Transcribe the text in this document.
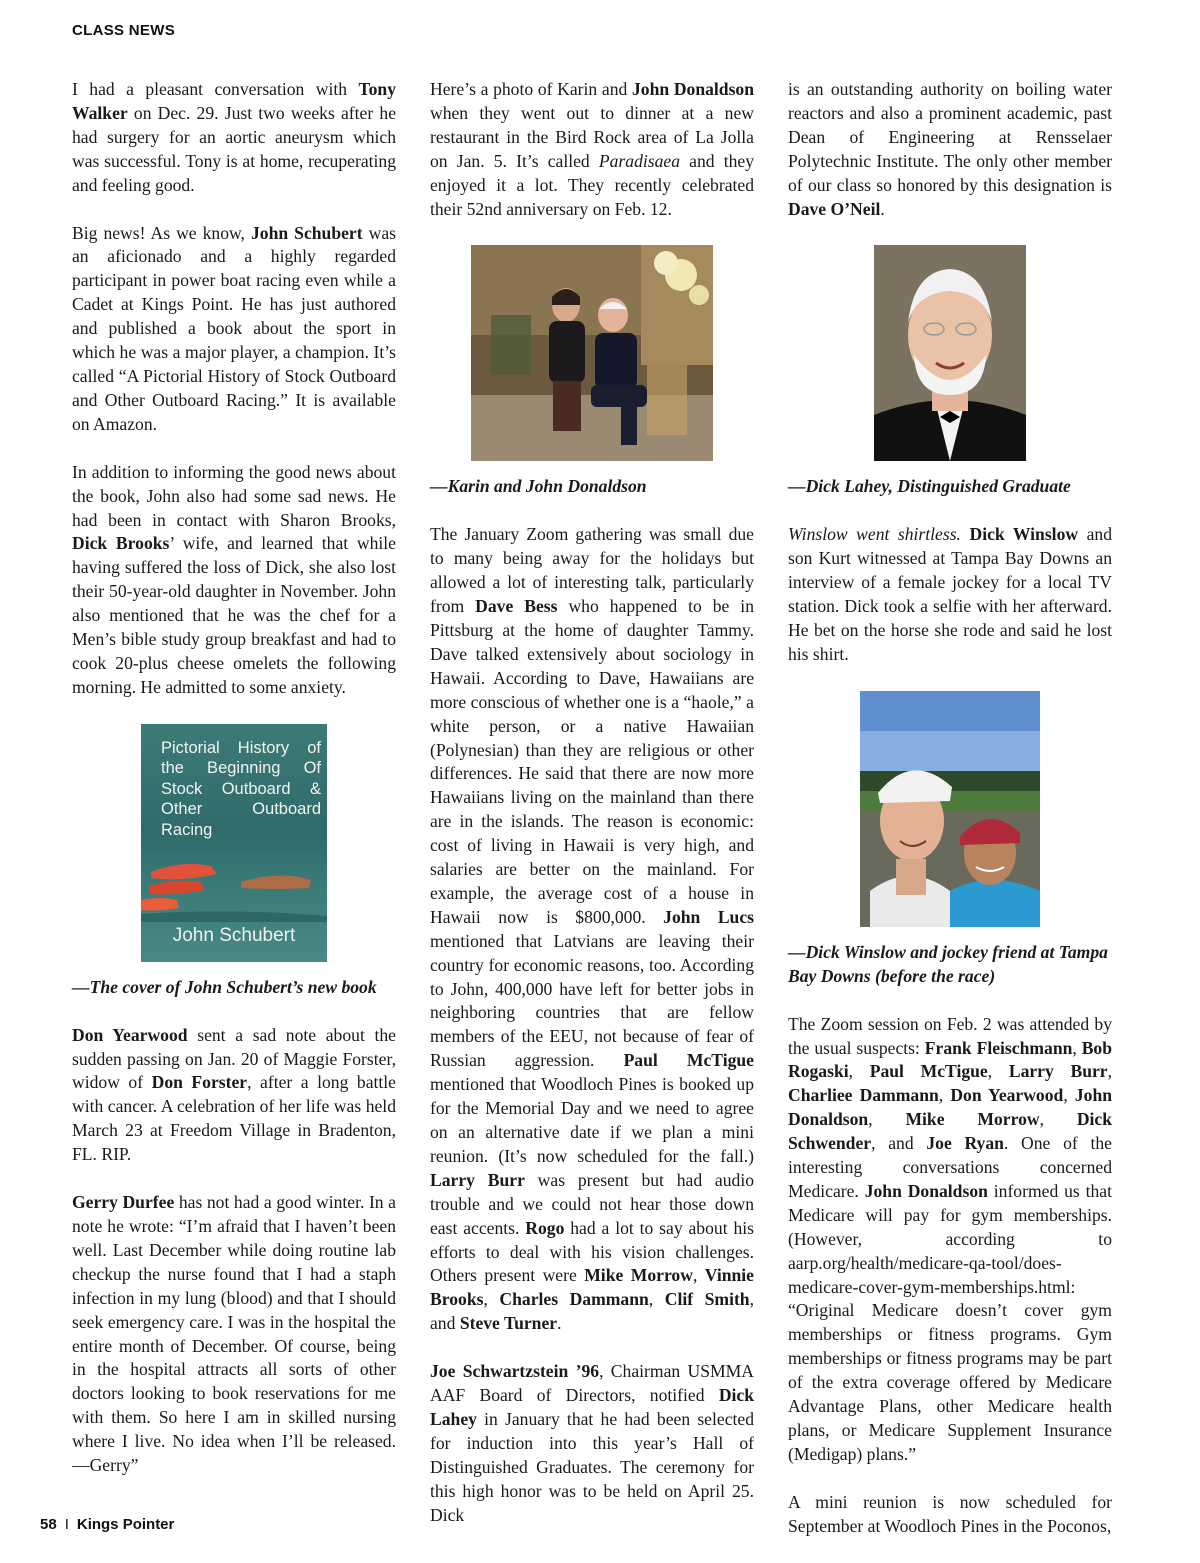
CLASS NEWS

I had a pleasant conversation with Tony Walker on Dec. 29. Just two weeks after he had surgery for an aortic aneurysm which was successful. Tony is at home, recuperating and feeling good.

Big news! As we know, John Schubert was an aficionado and a highly regarded participant in power boat racing even while a Cadet at Kings Point. He has just authored and published a book about the sport in which he was a major player, a champion. It’s called “A Pictorial History of Stock Outboard and Other Outboard Racing.” It is available on Amazon.

In addition to informing the good news about the book, John also had some sad news. He had been in contact with Sharon Brooks, Dick Brooks’ wife, and learned that while having suffered the loss of Dick, she also lost their 50-year-old daughter in November. John also mentioned that he was the chef for a Men’s bible study group breakfast and had to cook 20-plus cheese omelets the following morning. He admitted to some anxiety.

Pictorial History of the Beginning Of Stock Outboard & Other Outboard Racing
John Schubert

—The cover of John Schubert’s new book

Don Yearwood sent a sad note about the sudden passing on Jan. 20 of Maggie Forster, widow of Don Forster, after a long battle with cancer. A celebration of her life was held March 23 at Freedom Village in Bradenton, FL. RIP.

Gerry Durfee has not had a good winter. In a note he wrote: “I’m afraid that I haven’t been well. Last December while doing routine lab checkup the nurse found that I had a staph infection in my lung (blood) and that I should seek emergency care. I was in the hospital the entire month of December. Of course, being in the hospital attracts all sorts of other doctors looking to book reservations for me with them. So here I am in skilled nursing where I live. No idea when I’ll be released. —Gerry”

Here’s a photo of Karin and John Donaldson when they went out to dinner at a new restaurant in the Bird Rock area of La Jolla on Jan. 5. It’s called Paradisaea and they enjoyed it a lot. They recently celebrated their 52nd anniversary on Feb. 12.

—Karin and John Donaldson

The January Zoom gathering was small due to many being away for the holidays but allowed a lot of interesting talk, particularly from Dave Bess who happened to be in Pittsburg at the home of daughter Tammy. Dave talked extensively about sociology in Hawaii. According to Dave, Hawaiians are more conscious of whether one is a “haole,” a white person, or a native Hawaiian (Polynesian) than they are religious or other differences. He said that there are now more Hawaiians living on the mainland than there are in the islands. The reason is economic: cost of living in Hawaii is very high, and salaries are better on the mainland. For example, the average cost of a house in Hawaii now is $800,000. John Lucs mentioned that Latvians are leaving their country for economic reasons, too. According to John, 400,000 have left for better jobs in neighboring countries that are fellow members of the EEU, not because of fear of Russian aggression. Paul McTigue mentioned that Woodloch Pines is booked up for the Memorial Day and we need to agree on an alternative date if we plan a mini reunion. (It’s now scheduled for the fall.) Larry Burr was present but had audio trouble and we could not hear those down east accents. Rogo had a lot to say about his efforts to deal with his vision challenges. Others present were Mike Morrow, Vinnie Brooks, Charles Dammann, Clif Smith, and Steve Turner.

Joe Schwartzstein ’96, Chairman USMMA AAF Board of Directors, notified Dick Lahey in January that he had been selected for induction into this year’s Hall of Distinguished Graduates. The ceremony for this high honor was to be held on April 25. Dick

is an outstanding authority on boiling water reactors and also a prominent academic, past Dean of Engineering at Rensselaer Polytechnic Institute. The only other member of our class so honored by this designation is Dave O’Neil.

—Dick Lahey, Distinguished Graduate

Winslow went shirtless. Dick Winslow and son Kurt witnessed at Tampa Bay Downs an interview of a female jockey for a local TV station. Dick took a selfie with her afterward. He bet on the horse she rode and said he lost his shirt.

—Dick Winslow and jockey friend at Tampa Bay Downs (before the race)

The Zoom session on Feb. 2 was attended by the usual suspects: Frank Fleischmann, Bob Rogaski, Paul McTigue, Larry Burr, Charliee Dammann, Don Yearwood, John Donaldson, Mike Morrow, Dick Schwender, and Joe Ryan. One of the interesting conversations concerned Medicare. John Donaldson informed us that Medicare will pay for gym memberships. (However, according to aarp.org/health/medicare-qa-tool/does-medicare-cover-gym-memberships.html: “Original Medicare doesn’t cover gym memberships or fitness programs. Gym memberships or fitness programs may be part of the extra coverage offered by Medicare Advantage Plans, other Medicare health plans, or Medicare Supplement Insurance (Medigap) plans.”

A mini reunion is now scheduled for September at Woodloch Pines in the Poconos,

58 I Kings Pointer
